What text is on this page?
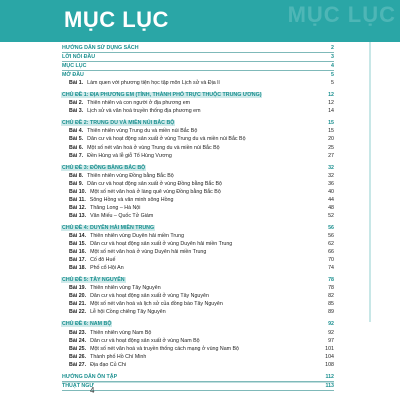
MỤC LỤC	MỤC LỤC
HƯỚNG DẪN SỬ DỤNG SÁCH	2
LỜI NÓI ĐẦU	3
MỤC LỤC	4
MỞ ĐẦU	5
Bài 1. Làm quen với phương tiện học tập môn Lịch sử và Địa lí	5
CHỦ ĐỀ 1: ĐỊA PHƯƠNG EM (TỈNH, THÀNH PHỐ TRỰC THUỘC TRUNG ƯƠNG)	12
Bài 2. Thiên nhiên và con người ở địa phương em	12
Bài 3. Lịch sử và văn hoá truyền thống địa phương em	14
CHỦ ĐỀ 2: TRUNG DU VÀ MIỀN NÚI BẮC BỘ	15
Bài 4. Thiên nhiên vùng Trung du và miền núi Bắc Bộ	15
Bài 5. Dân cư và hoạt động sản xuất ở vùng Trung du và miền núi Bắc Bộ	20
Bài 6. Một số nét văn hoá ở vùng Trung du và miền núi Bắc Bộ	25
Bài 7. Đền Hùng và lễ giỗ Tổ Hùng Vương	27
CHỦ ĐỀ 3: ĐỒNG BẰNG BẮC BỘ	32
Bài 8. Thiên nhiên vùng Đồng bằng Bắc Bộ	32
Bài 9. Dân cư và hoạt động sản xuất ở vùng Đồng bằng Bắc Bộ	36
Bài 10. Một số nét văn hoá ở làng quê vùng Đồng bằng Bắc Bộ	40
Bài 11. Sông Hồng và văn minh sông Hồng	44
Bài 12. Thăng Long – Hà Nội	48
Bài 13. Văn Miếu – Quốc Tử Giám	52
CHỦ ĐỀ 4: DUYÊN HẢI MIỀN TRUNG	56
Bài 14. Thiên nhiên vùng Duyên hải miền Trung	56
Bài 15. Dân cư và hoạt động sản xuất ở vùng Duyên hải miền Trung	62
Bài 16. Một số nét văn hoá ở vùng Duyên hải miền Trung	66
Bài 17. Cố đô Huế	70
Bài 18. Phố cổ Hội An	74
CHỦ ĐỀ 5: TÂY NGUYÊN	78
Bài 19. Thiên nhiên vùng Tây Nguyên	78
Bài 20. Dân cư và hoạt động sản xuất ở vùng Tây Nguyên	82
Bài 21. Một số nét văn hoá và lịch sử của đồng bào Tây Nguyên	85
Bài 22. Lễ hội Cồng chiêng Tây Nguyên	89
CHỦ ĐỀ 6: NAM BỘ	92
Bài 23. Thiên nhiên vùng Nam Bộ	92
Bài 24. Dân cư và hoạt động sản xuất ở vùng Nam Bộ	97
Bài 25. Một số nét văn hoá và truyền thống cách mạng ở vùng Nam Bộ	101
Bài 26. Thành phố Hồ Chí Minh	104
Bài 27. Địa đạo Củ Chi	108
HƯỚNG DẪN ÔN TẬP	112
THUẬT NGỮ	113
4
